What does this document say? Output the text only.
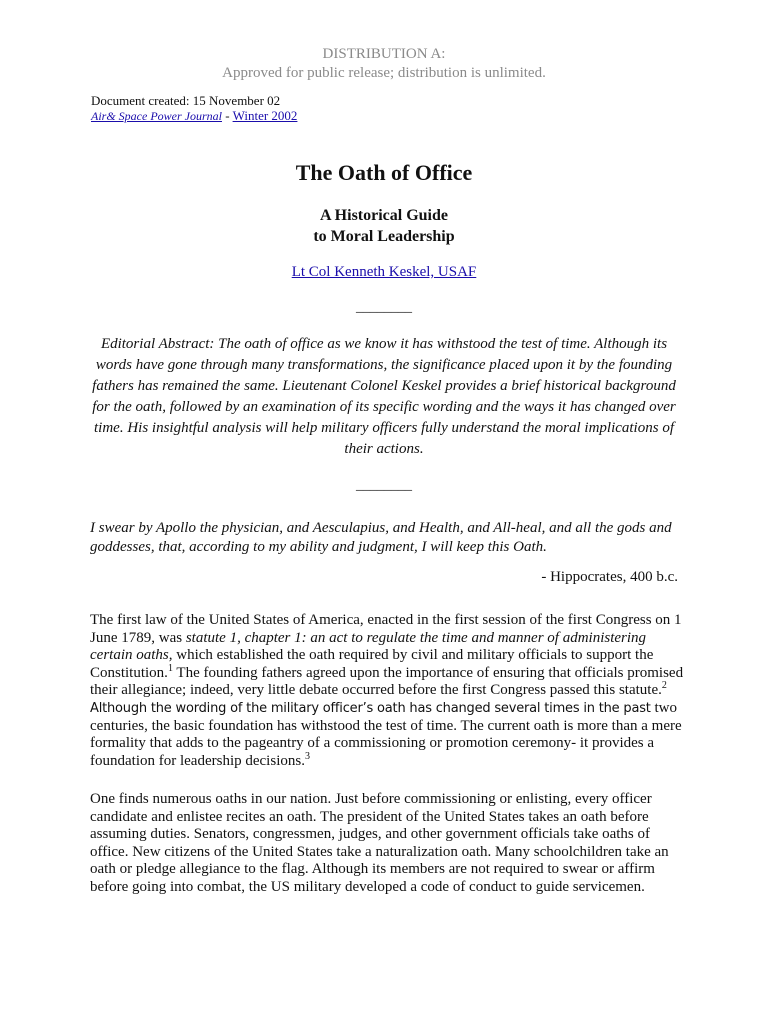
DISTRIBUTION A:
Approved for public release; distribution is unlimited.
Document created: 15 November 02
Air& Space Power Journal - Winter 2002
The Oath of Office
A Historical Guide
to Moral Leadership
Lt Col Kenneth Keskel, USAF
________
Editorial Abstract: The oath of office as we know it has withstood the test of time. Although its words have gone through many transformations, the significance placed upon it by the founding fathers has remained the same. Lieutenant Colonel Keskel provides a brief historical background for the oath, followed by an examination of its specific wording and the ways it has changed over time. His insightful analysis will help military officers fully understand the moral implications of their actions.
________
I swear by Apollo the physician, and Aesculapius, and Health, and All-heal, and all the gods and goddesses, that, according to my ability and judgment, I will keep this Oath.
- Hippocrates, 400 b.c.
The first law of the United States of America, enacted in the first session of the first Congress on 1 June 1789, was statute 1, chapter 1: an act to regulate the time and manner of administering certain oaths, which established the oath required by civil and military officials to support the Constitution.$^1$ The founding fathers agreed upon the importance of ensuring that officials promised their allegiance; indeed, very little debate occurred before the first Congress passed this statute.$^2$ Although the wording of the military officer’s oath has changed several times in the past two centuries, the basic foundation has withstood the test of time. The current oath is more than a mere formality that adds to the pageantry of a commissioning or promotion ceremony- it provides a foundation for leadership decisions.$^3$
One finds numerous oaths in our nation. Just before commissioning or enlisting, every officer candidate and enlistee recites an oath. The president of the United States takes an oath before assuming duties. Senators, congressmen, judges, and other government officials take oaths of office. New citizens of the United States take a naturalization oath. Many schoolchildren take an oath or pledge allegiance to the flag. Although its members are not required to swear or affirm before going into combat, the US military developed a code of conduct to guide servicemen.
